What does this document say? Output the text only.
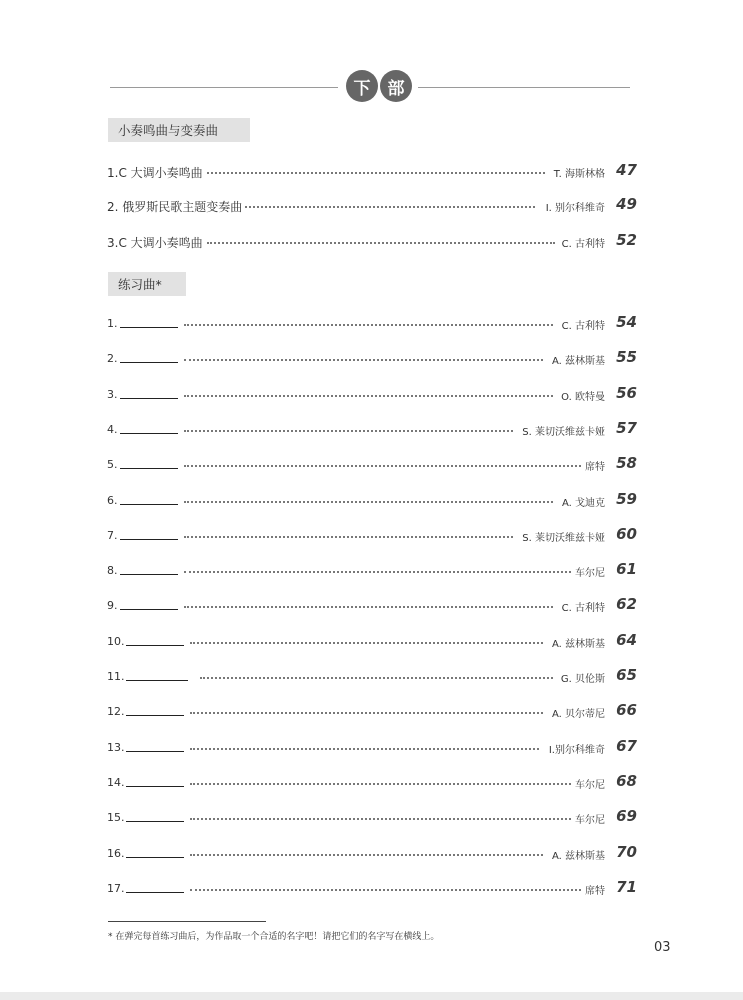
下	部
小奏鸣曲与变奏曲
1.C 大调小奏鸣曲	T. 海斯林格 47
2. 俄罗斯民歌主题变奏曲	I. 别尔科维奇 49
3.C 大调小奏鸣曲	C. 古利特 52
练习曲*
1.	C. 古利特 54
2.	A. 茲林斯基 55
3.	O. 欧特曼 56
4.	S. 莱切沃维兹卡娅 57
5.	席特 58
6.	A. 戈迪克 59
7.	S. 莱切沃维兹卡娅 60
8.	车尔尼 61
9.	C. 古利特 62
10.	A. 兹林斯基 64
11.	G. 贝伦斯 65
12.	A. 贝尔蒂尼 66
13.	I.别尔科维奇 67
14.	车尔尼 68
15.	车尔尼 69
16.	A. 兹林斯基 70
17.	席特 71
* 在弹完每首练习曲后，为作品取一个合适的名字吧！请把它们的名字写在横线上。
03
